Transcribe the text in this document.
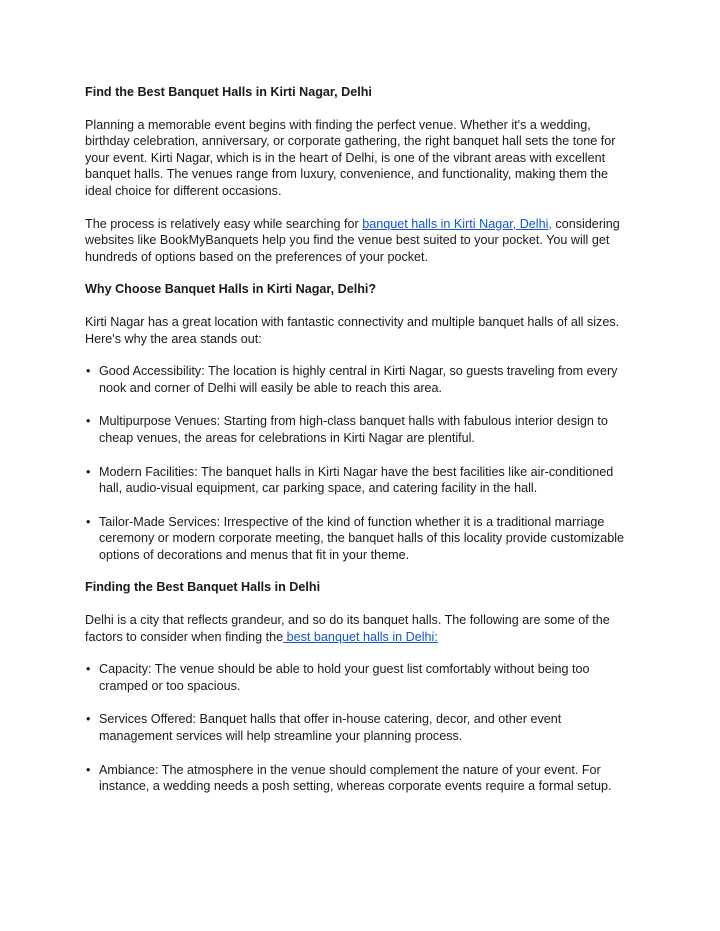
Find the Best Banquet Halls in Kirti Nagar, Delhi

Planning a memorable event begins with finding the perfect venue. Whether it's a wedding, birthday celebration, anniversary, or corporate gathering, the right banquet hall sets the tone for your event. Kirti Nagar, which is in the heart of Delhi, is one of the vibrant areas with excellent banquet halls. The venues range from luxury, convenience, and functionality, making them the ideal choice for different occasions.

The process is relatively easy while searching for banquet halls in Kirti Nagar, Delhi, considering websites like BookMyBanquets help you find the venue best suited to your pocket. You will get hundreds of options based on the preferences of your pocket.

Why Choose Banquet Halls in Kirti Nagar, Delhi?

Kirti Nagar has a great location with fantastic connectivity and multiple banquet halls of all sizes. Here's why the area stands out:

• Good Accessibility: The location is highly central in Kirti Nagar, so guests traveling from every nook and corner of Delhi will easily be able to reach this area.
• Multipurpose Venues: Starting from high-class banquet halls with fabulous interior design to cheap venues, the areas for celebrations in Kirti Nagar are plentiful.
• Modern Facilities: The banquet halls in Kirti Nagar have the best facilities like air-conditioned hall, audio-visual equipment, car parking space, and catering facility in the hall.
• Tailor-Made Services: Irrespective of the kind of function whether it is a traditional marriage ceremony or modern corporate meeting, the banquet halls of this locality provide customizable options of decorations and menus that fit in your theme.
Finding the Best Banquet Halls in Delhi

Delhi is a city that reflects grandeur, and so do its banquet halls. The following are some of the factors to consider when finding the best banquet halls in Delhi:

• Capacity: The venue should be able to hold your guest list comfortably without being too cramped or too spacious.
• Services Offered: Banquet halls that offer in-house catering, decor, and other event management services will help streamline your planning process.
• Ambiance: The atmosphere in the venue should complement the nature of your event. For instance, a wedding needs a posh setting, whereas corporate events require a formal setup.
